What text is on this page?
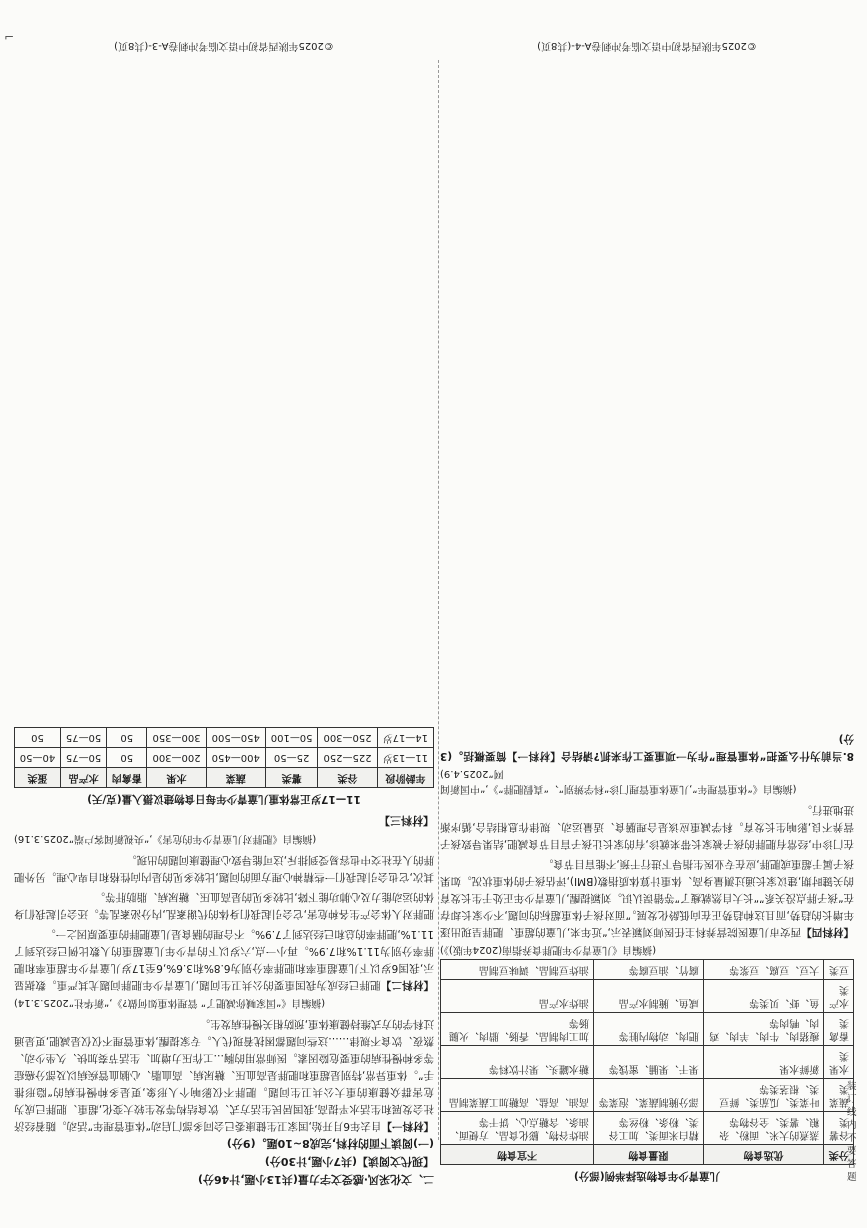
二、文化采风·感受文字力量(共13小题,计46分)

【现代文阅读】(共7小题,计30分)

(一)阅读下面的材料,完成8~10题。(9分)

【材料一】自去年6月开始,国家卫生健康委已会同多部门启动“体重管理年”活动。随着经济社会发展和生活水平提高,我国居民生活方式、饮食结构等发生较大变化,超重、肥胖已成为危害群众健康的重大公共卫生问题。肥胖不仅影响个人形象,更是多种慢性病的“隐形推手”。体重异常,特别是超重和肥胖是高血压、糖尿病、高血脂、心脑血管疾病以及部分癌症等多种慢性病的重要危险因素。医师常用的胸…工作压力增加、生活节奏加快、久坐少动、熬夜、饮食不规律……这些问题都困扰着现代人。专家提醒,体重管理不仅仅是减肥,更是通过科学的方式维持健康体重,预防相关慢性病发生。

(摘编自《“国家喊你减肥了” 管理体重如何做?》,“新华社”2025.3.14)

【材料二】肥胖已经成为我国重要的公共卫生问题,儿童青少年肥胖问题尤其严重。数据显示,我国6岁以下儿童超重率和肥胖率分别为6.8%和3.6%,6至17岁儿童青少年超重率和肥胖率分别为11.1%和7.9%。再小一点,六岁以下的青少年儿童超重的人数比例已经达到了11.1%,肥胖率的总和已经达到了7.9%。不合理的膳食是儿童肥胖的重要原因之一。

肥胖对人体会产生各种危害,它会引起我们身体的代谢紊乱,内分泌紊乱等。还会引起我们身体的运动能力及心肺功能下降,比较多见的是高血压、糖尿病、脂肪肝等。

其次,它也会引起我们一些精神心理方面的问题,比较多见的是内向性格和自卑心理。另外肥胖的人在社交中也容易受到排斥,这可能导致心理健康问题的出现。

(摘编自《肥胖对儿童青少年的危害》,“央视新闻客户端”2025.3.16)

【材料三】

11—17岁正常体重儿童青少年每日食物建议摄入量(克/天)

年龄阶段	谷类	薯类	蔬菜	水果	畜禽肉	水产品	蛋类
11—13岁	225—250	25—50	400—450	200—300	50	50—75	40—50
14—17岁	250—300	50—100	450—500	300—350	50	50—75	50
©2025年陕西省初中语文临考冲刺卷A-3-(共8页)

儿童青少年食物选择举例(部分)

分类	优选食物	限量食物	不宜食物
谷薯类	蒸煮的大米、面粉、杂粮、薯类、全谷物等	精白米面类、加工谷类、粉条、粉丝等	油炸谷物、膨化食品、方便面、油条、含糖点心、饼干等
蔬菜类	叶菜类、瓜茄类、鲜豆类、根茎类等	部分腌制蔬菜、泡菜等	高油、高盐、高糖加工蔬菜制品
水果类	新鲜水果	果干、果脯、蜜饯等	糖水罐头、果汁饮料等
畜禽类	瘦猪肉、牛肉、羊肉、鸡肉、鸭肉等	肥肉、动物内脏等	加工肉制品、香肠、腊肉、火腿肠等
水产类	鱼、虾、贝类等	咸鱼、腌制水产品	油炸水产品
豆类	大豆、豆腐、豆浆等	腐竹、油豆腐等	油炸豆制品、调味豆制品

(摘编自《儿童青少年肥胖食养指南(2024年版)》)

【材料四】西安市儿童医院营养科主任医师刘颖表示,“近年来,儿童的超重、肥胖呈现出逐年增长的趋势,而且这种趋势正在向低龄化发展。”面对孩子体重超标的问题,不少家长却存在“孩子胖点没关系”“长大自然就瘦了”等错误认识。刘颖提醒,儿童青少年正处于生长发育的关键时期,建议家长通过测量身高、体重计算体质指数(BMI),评估孩子的体重状况。如果孩子属于超重或肥胖,应在专业医生指导下进行干预,不能盲目节食。

在门诊中,经常有肥胖的孩子被家长带来就诊,有的家长让孩子盲目节食减肥,结果导致孩子营养不良,影响生长发育。科学减重应该是合理膳食、适量运动、规律作息相结合,循序渐进地进行。

(摘编自《“体重管理年”,儿童体重管理门诊“科学辨别”、“真假肥胖”》,“中国新闻网”2025.4.9)

8.当前为什么要把“体重管理”作为一项重要工作来抓?请结合【材料一】简要概括。(3分)

©2025年陕西省初中语文临考冲刺卷A-4-(共8页)
装 订 线 内 不 要 答 题
⌐
